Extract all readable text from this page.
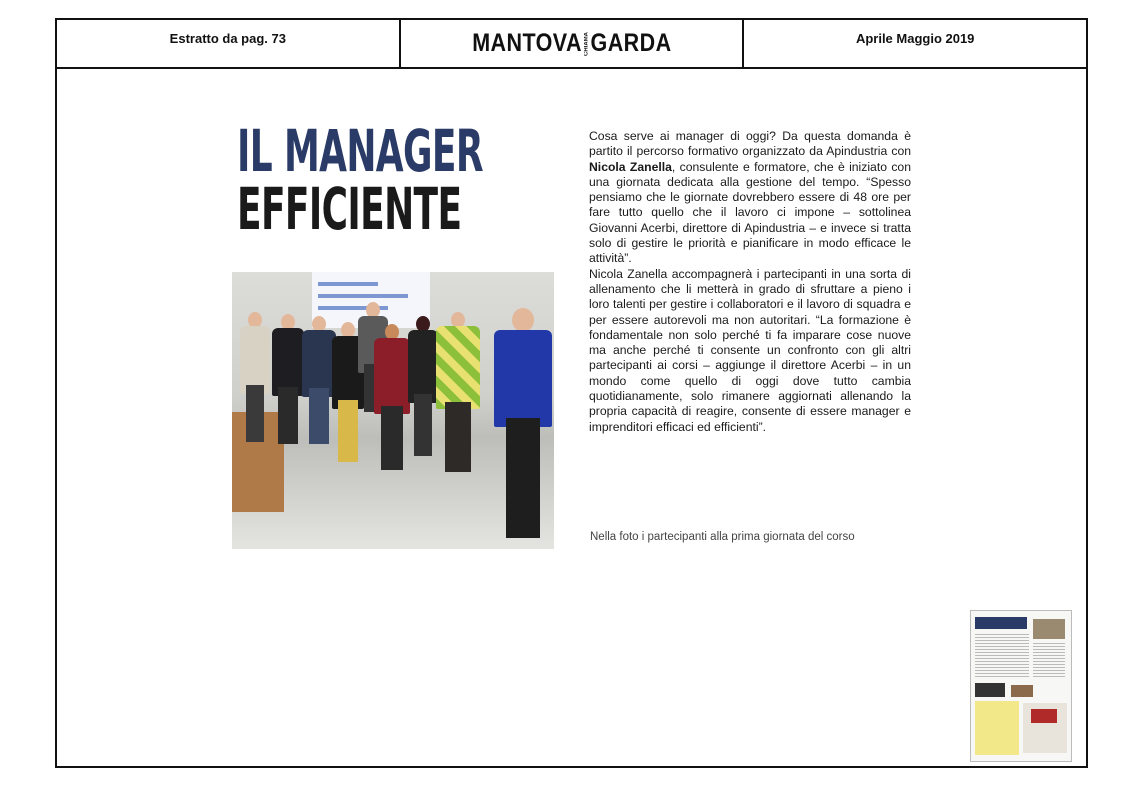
Estratto da pag. 73	MANTOVA CHIAMA GARDA	Aprile Maggio 2019
IL MANAGER
EFFICIENTE

Cosa serve ai manager di oggi? Da questa domanda è partito il percorso formativo organizzato da Apindustria con Nicola Zanella, consulente e formatore, che è iniziato con una giornata dedicata alla gestione del tempo. “Spesso pensiamo che le giornate dovrebbero essere di 48 ore per fare tutto quello che il lavoro ci impone – sottolinea Giovanni Acerbi, direttore di Apindustria – e invece si tratta solo di gestire le priorità e pianificare in modo efficace le attività”.

Nicola Zanella accompagnerà i partecipanti in una sorta di allenamento che li metterà in grado di sfruttare a pieno i loro talenti per gestire i collaboratori e il lavoro di squadra e per essere autorevoli ma non autoritari. “La formazione è fondamentale non solo perché ti fa imparare cose nuove ma anche perché ti consente un confronto con gli altri partecipanti ai corsi – aggiunge il direttore Acerbi – in un mondo come quello di oggi dove tutto cambia quotidianamente, solo rimanere aggiornati allenando la propria capacità di reagire, consente di essere manager e imprenditori efficaci ed efficienti”.

Nella foto i partecipanti alla prima giornata del corso
